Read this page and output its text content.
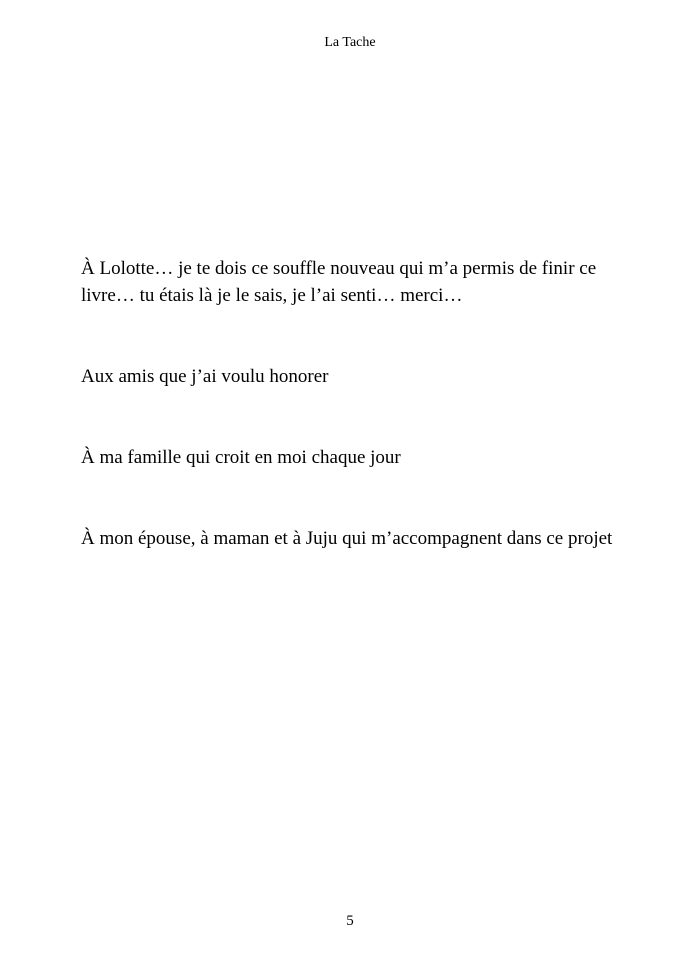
La Tache

À Lolotte… je te dois ce souffle nouveau qui m’a permis de finir ce livre… tu étais là je le sais, je l’ai senti… merci…

Aux amis que j’ai voulu honorer

À ma famille qui croit en moi chaque jour

À mon épouse, à maman et à Juju qui m’accompagnent dans ce projet

5
